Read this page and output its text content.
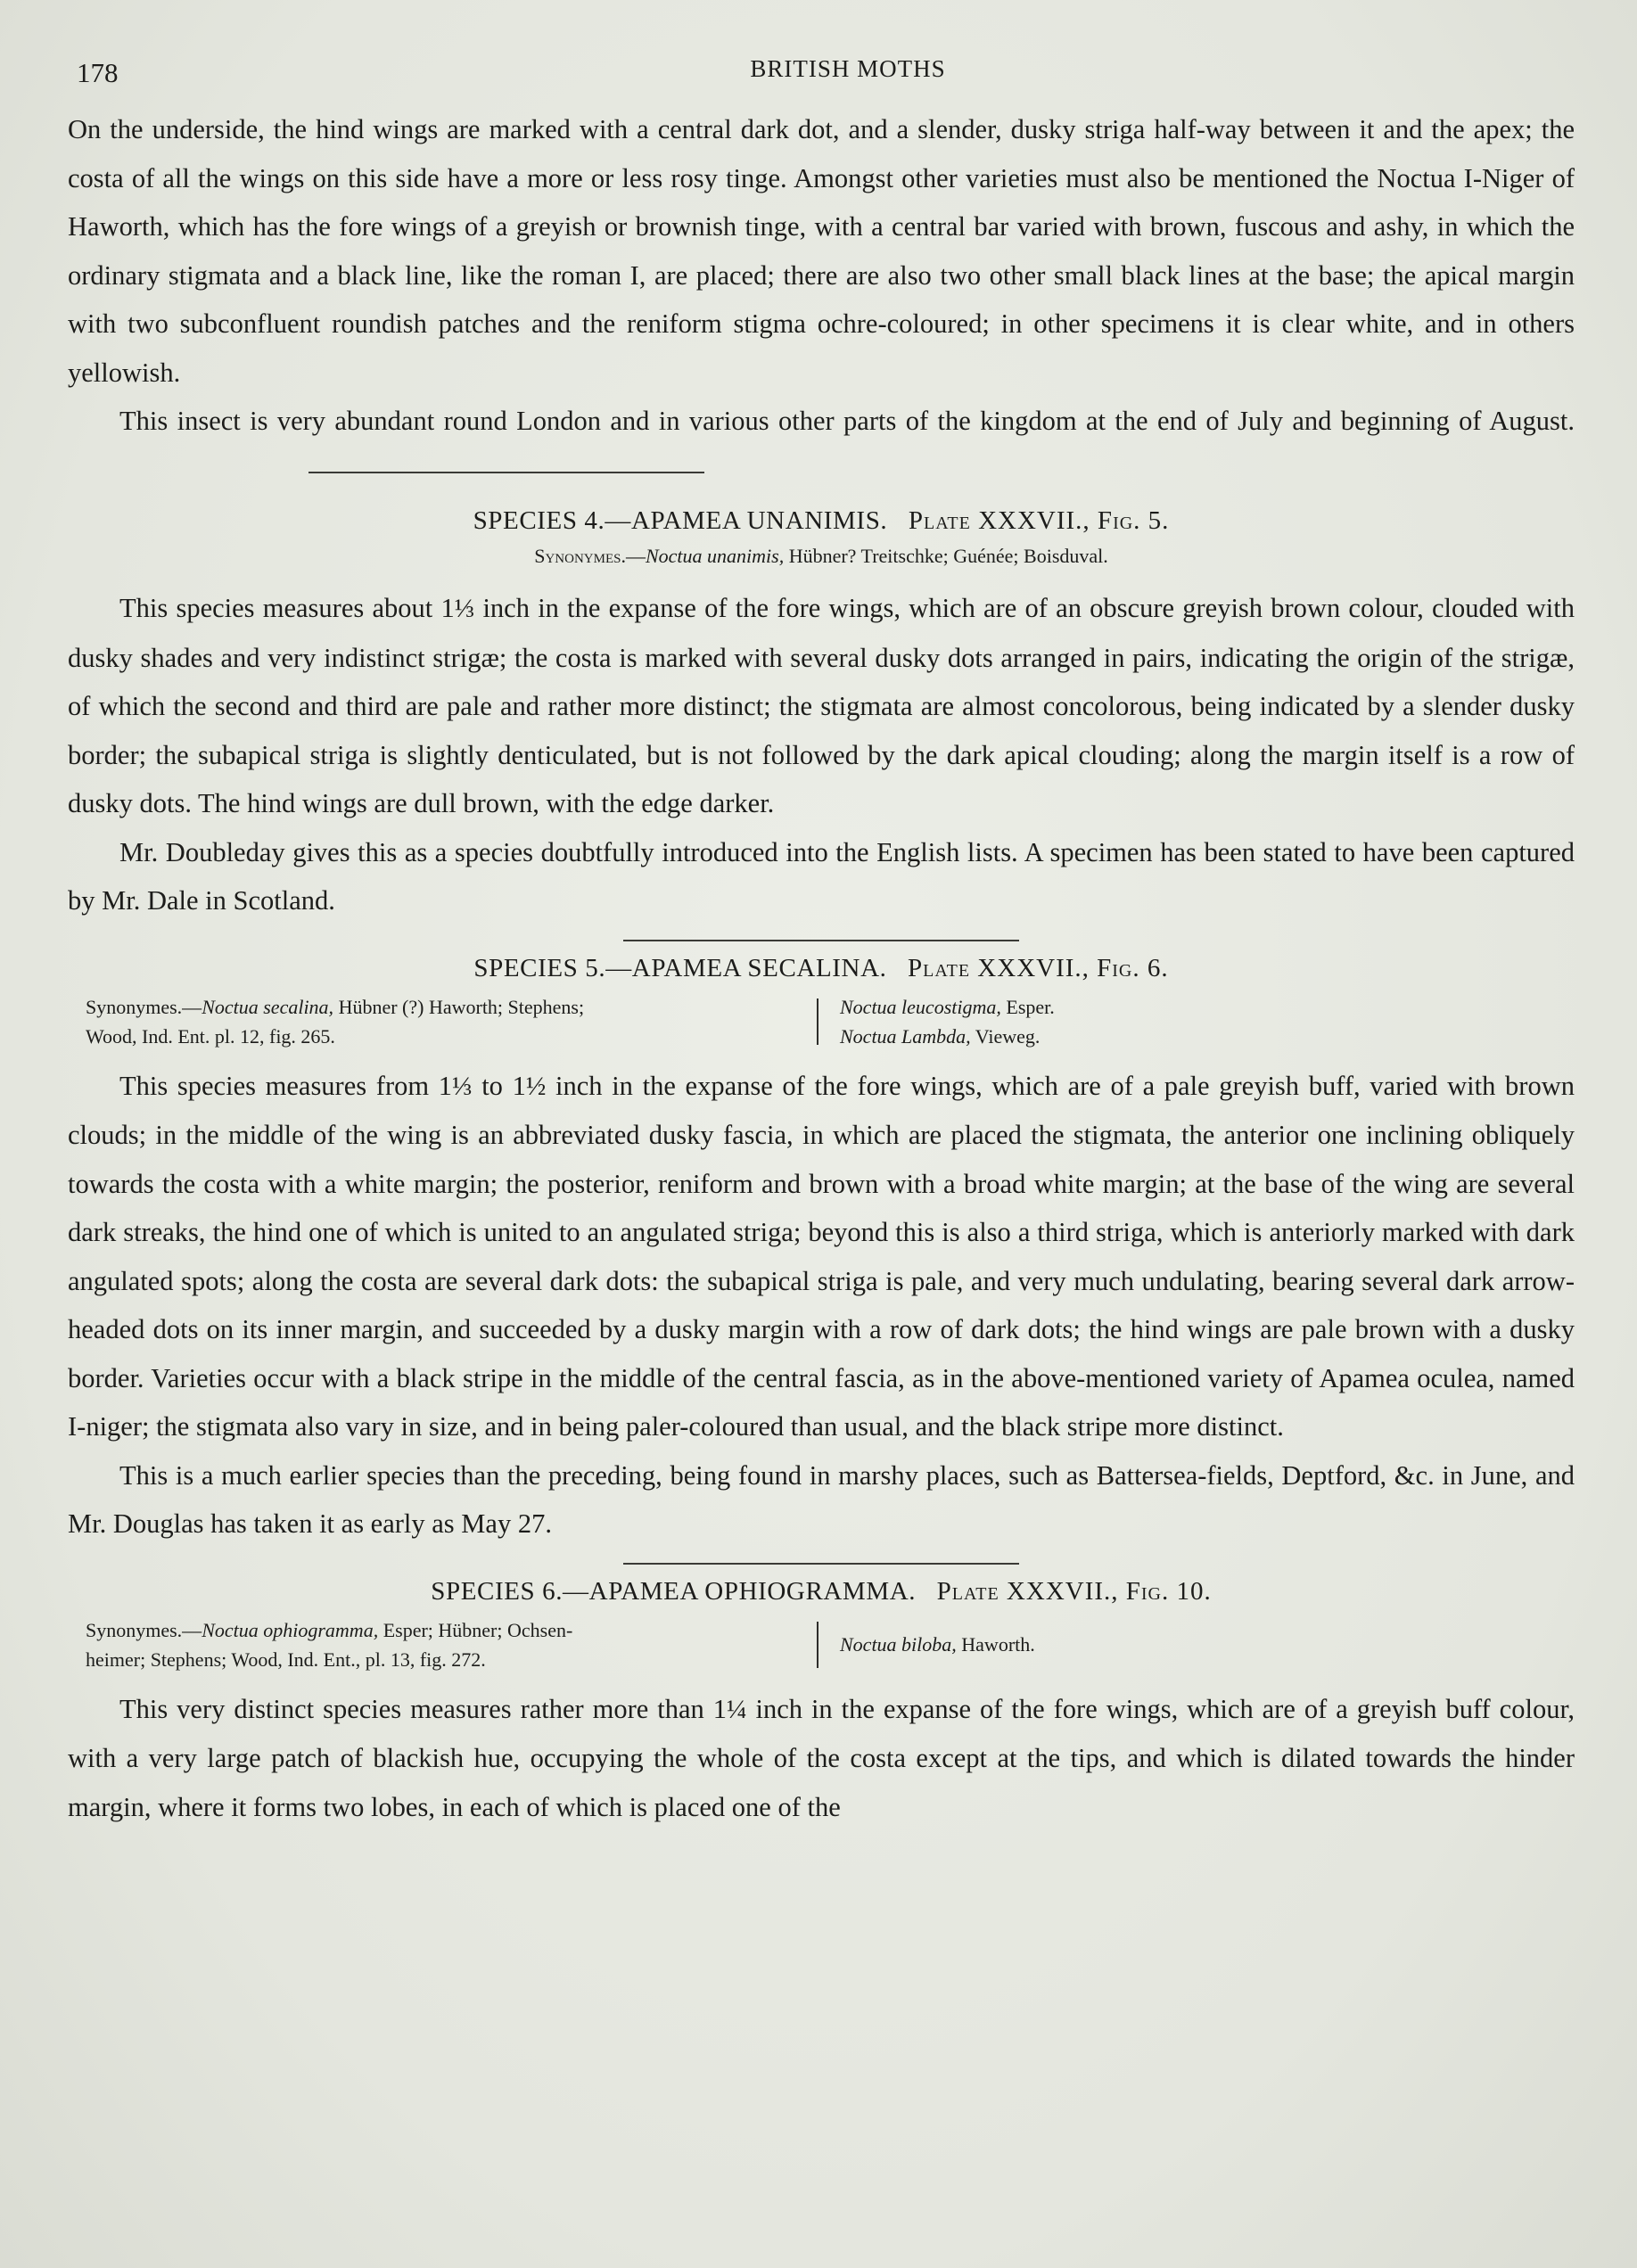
178	BRITISH MOTHS

On the underside, the hind wings are marked with a central dark dot, and a slender, dusky striga half-way between it and the apex; the costa of all the wings on this side have a more or less rosy tinge. Amongst other varieties must also be mentioned the Noctua I-Niger of Haworth, which has the fore wings of a greyish or brownish tinge, with a central bar varied with brown, fuscous and ashy, in which the ordinary stigmata and a black line, like the roman I, are placed; there are also two other small black lines at the base; the apical margin with two subconfluent roundish patches and the reniform stigma ochre-coloured; in other specimens it is clear white, and in others yellowish.

This insect is very abundant round London and in various other parts of the kingdom at the end of July and beginning of August.

SPECIES 4.—APAMEA UNANIMIS. Plate XXXVII., Fig. 5.
Synonymes.—Noctua unanimis, Hübner? Treitschke; Guénée; Boisduval.

This species measures about 1⅓ inch in the expanse of the fore wings, which are of an obscure greyish brown colour, clouded with dusky shades and very indistinct strigæ; the costa is marked with several dusky dots arranged in pairs, indicating the origin of the strigæ, of which the second and third are pale and rather more distinct; the stigmata are almost concolorous, being indicated by a slender dusky border; the subapical striga is slightly denticulated, but is not followed by the dark apical clouding; along the margin itself is a row of dusky dots. The hind wings are dull brown, with the edge darker.

Mr. Doubleday gives this as a species doubtfully introduced into the English lists. A specimen has been stated to have been captured by Mr. Dale in Scotland.

SPECIES 5.—APAMEA SECALINA. Plate XXXVII., Fig. 6.
Synonymes.—Noctua secalina, Hübner (?) Haworth; Stephens;
Wood, Ind. Ent. pl. 12, fig. 265.
Noctua leucostigma, Esper.
Noctua Lambda, Vieweg.

This species measures from 1⅓ to 1½ inch in the expanse of the fore wings, which are of a pale greyish buff, varied with brown clouds; in the middle of the wing is an abbreviated dusky fascia, in which are placed the stigmata, the anterior one inclining obliquely towards the costa with a white margin; the posterior, reniform and brown with a broad white margin; at the base of the wing are several dark streaks, the hind one of which is united to an angulated striga; beyond this is also a third striga, which is anteriorly marked with dark angulated spots; along the costa are several dark dots: the subapical striga is pale, and very much undulating, bearing several dark arrow-headed dots on its inner margin, and succeeded by a dusky margin with a row of dark dots; the hind wings are pale brown with a dusky border. Varieties occur with a black stripe in the middle of the central fascia, as in the above-mentioned variety of Apamea oculea, named I-niger; the stigmata also vary in size, and in being paler-coloured than usual, and the black stripe more distinct.

This is a much earlier species than the preceding, being found in marshy places, such as Battersea-fields, Deptford, &c. in June, and Mr. Douglas has taken it as early as May 27.

SPECIES 6.—APAMEA OPHIOGRAMMA. Plate XXXVII., Fig. 10.
Synonymes.—Noctua ophiogramma, Esper; Hübner; Ochsen-
heimer; Stephens; Wood, Ind. Ent., pl. 13, fig. 272.
Noctua biloba, Haworth.

This very distinct species measures rather more than 1¼ inch in the expanse of the fore wings, which are of a greyish buff colour, with a very large patch of blackish hue, occupying the whole of the costa except at the tips, and which is dilated towards the hinder margin, where it forms two lobes, in each of which is placed one of the
